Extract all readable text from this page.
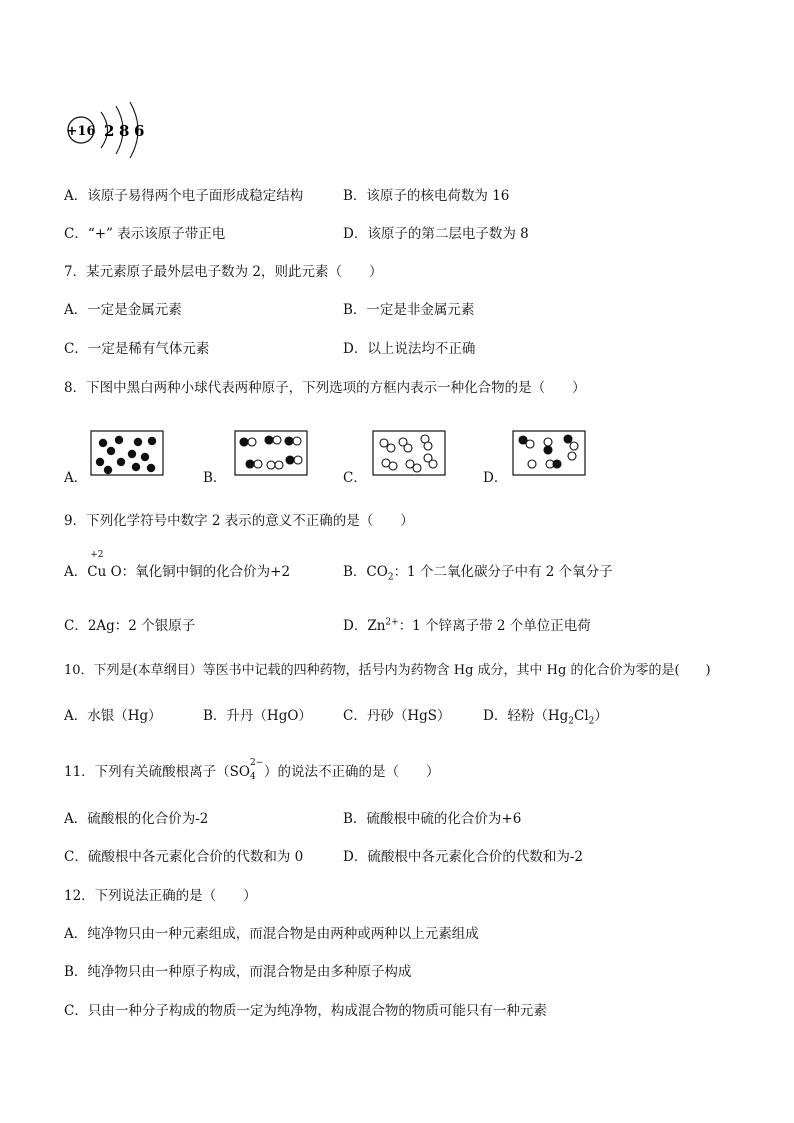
+16 2 8 6
A．该原子易得两个电子面形成稳定结构	B．该原子的核电荷数为 16
C．“+” 表示该原子带正电	D．该原子的第二层电子数为 8
7．某元素原子最外层电子数为 2，则此元素（　　）
A．一定是金属元素	B．一定是非金属元素
C．一定是稀有气体元素	D．以上说法均不正确
8．下图中黑白两种小球代表两种原子，下列选项的方框内表示一种化合物的是（　　）
A．	B．	C．	D．
9．下列化学符号中数字 2 表示的意义不正确的是（　　）
A．
+2
Cu O：氧化铜中铜的化合价为+2	B．$CO_2$：1 个二氧化碳分子中有 2 个氧分子
C．2Ag：2 个银原子	D．$Zn^{2+}$：1 个锌离子带 2 个单位正电荷
10．下列是(本草纲目）等医书中记载的四种药物，括号内为药物含 Hg 成分，其中 Hg 的化合价为零的是(　　)
A．水银（Hg）	B．升丹（HgO） C．丹砂（HgS） D．轻粉$(Hg_2Cl_2)$
11．下列有关硫酸根离子（SO
2−
4 ）的说法不正确的是（　　）
A．硫酸根的化合价为-2	B．硫酸根中硫的化合价为+6
C．硫酸根中各元素化合价的代数和为 0	D．硫酸根中各元素化合价的代数和为-2
12．下列说法正确的是（　　）
A．纯净物只由一种元素组成，而混合物是由两种或两种以上元素组成
B．纯净物只由一种原子构成，而混合物是由多种原子构成
C．只由一种分子构成的物质一定为纯净物，构成混合物的物质可能只有一种元素
